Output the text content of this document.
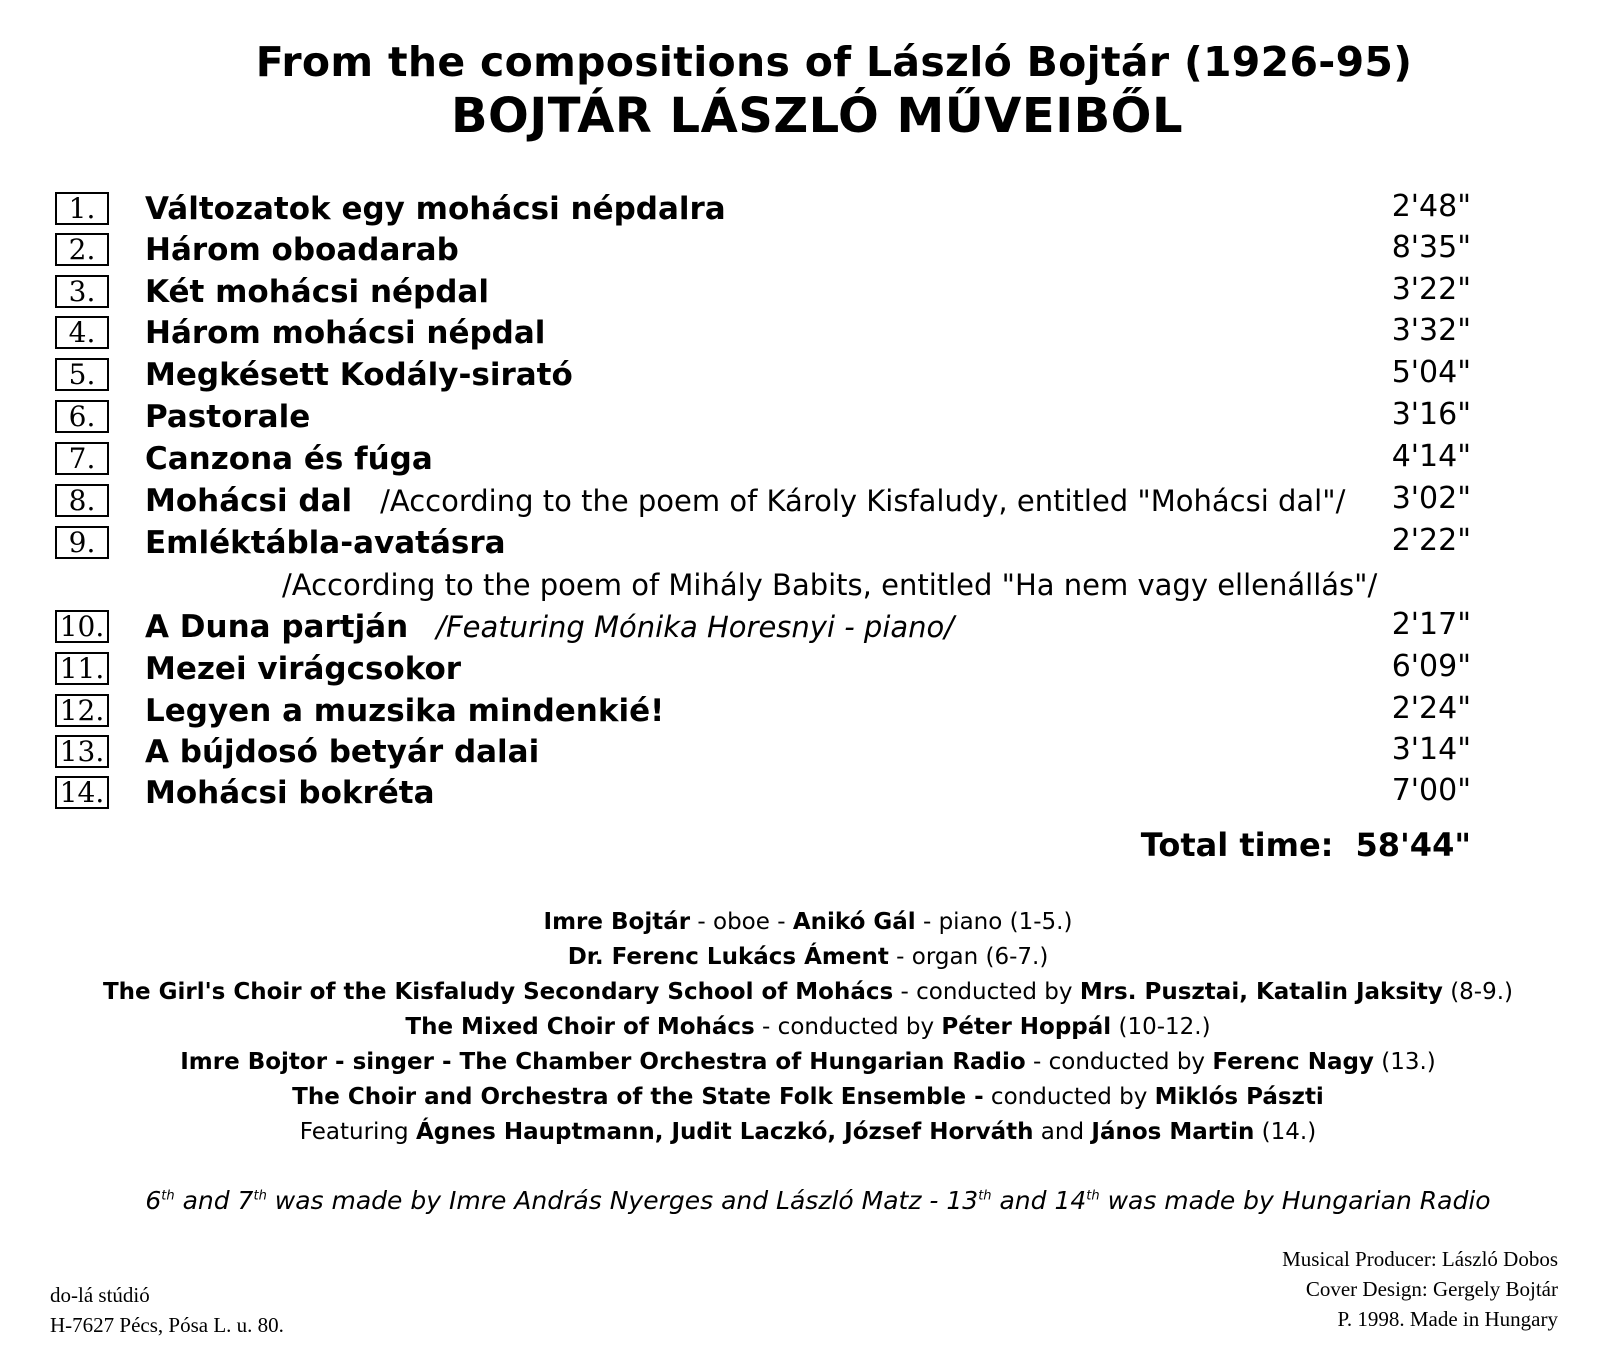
From the compositions of László Bojtár (1926-95)
BOJTÁR LÁSZLÓ MŰVEIBŐL
1.	Változatok egy mohácsi népdalra	2'48"
2.	Három oboadarab	8'35"
3.	Két mohácsi népdal	3'22"
4.	Három mohácsi népdal	3'32"
5.	Megkésett Kodály-sirató	5'04"
6.	Pastorale	3'16"
7.	Canzona és fúga	4'14"
8.	Mohácsi dal /According to the poem of Károly Kisfaludy, entitled "Mohácsi dal"/ 3'02"
9.	Emléktábla-avatásra	2'22"
/According to the poem of Mihály Babits, entitled "Ha nem vagy ellenállás"/
10. A Duna partján /Featuring Mónika Horesnyi - piano/	2'17"
11. Mezei virágcsokor	6'09"
12. Legyen a muzsika mindenkié!	2'24"
13. A bújdosó betyár dalai	3'14"
14. Mohácsi bokréta	7'00"
Total time: 58'44"
Imre Bojtár - oboe - Anikó Gál - piano (1-5.)
Dr. Ferenc Lukács Áment - organ (6-7.)
The Girl's Choir of the Kisfaludy Secondary School of Mohács - conducted by Mrs. Pusztai, Katalin Jaksity (8-9.)
The Mixed Choir of Mohács - conducted by Péter Hoppál (10-12.)
Imre Bojtor - singer - The Chamber Orchestra of Hungarian Radio - conducted by Ferenc Nagy (13.)
The Choir and Orchestra of the State Folk Ensemble - conducted by Miklós Pászti
Featuring Ágnes Hauptmann, Judit Laczkó, József Horváth and János Martin (14.)
6th and 7th was made by Imre András Nyerges and László Matz - 13th and 14th was made by Hungarian Radio
do-lá stúdió
H-7627 Pécs, Pósa L. u. 80.
Musical Producer: László Dobos
Cover Design: Gergely Bojtár
P. 1998. Made in Hungary
